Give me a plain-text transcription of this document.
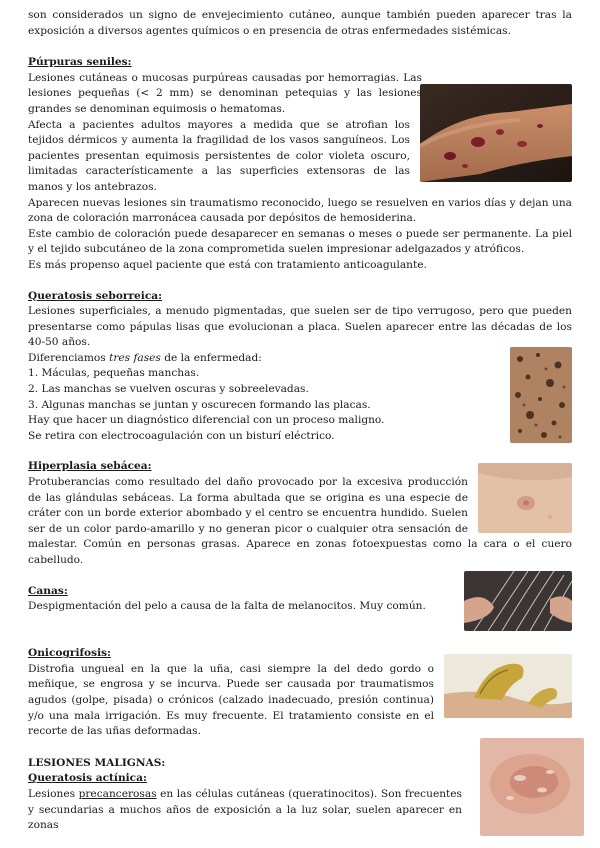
son considerados un signo de envejecimiento cutáneo, aunque también pueden aparecer tras la exposición a diversos agentes químicos o en presencia de otras enfermedades sistémicas.

Púrpuras seniles:

Lesiones cutáneas o mucosas purpúreas causadas por hemorragias. Las lesiones pequeñas (< 2 mm) se denominan petequias y las lesiones grandes se denominan equimosis o hematomas.

Afecta a pacientes adultos mayores a medida que se atrofian los tejidos dérmicos y aumenta la fragilidad de los vasos sanguíneos. Los pacientes presentan equimosis persistentes de color violeta oscuro, limitadas característicamente a las superficies extensoras de las manos y los antebrazos.

Aparecen nuevas lesiones sin traumatismo reconocido, luego se resuelven en varios días y dejan una zona de coloración marronácea causada por depósitos de hemosiderina.

Este cambio de coloración puede desaparecer en semanas o meses o puede ser permanente. La piel y el tejido subcutáneo de la zona comprometida suelen impresionar adelgazados y atróficos.

Es más propenso aquel paciente que está con tratamiento anticoagulante.

Queratosis seborreica:

Lesiones superficiales, a menudo pigmentadas, que suelen ser de tipo verrugoso, pero que pueden presentarse como pápulas lisas que evolucionan a placa. Suelen aparecer entre las décadas de los 40-50 años.

Diferenciamos tres fases de la enfermedad:

1. Máculas, pequeñas manchas.

2. Las manchas se vuelven oscuras y sobreelevadas.

3. Algunas manchas se juntan y oscurecen formando las placas.

Hay que hacer un diagnóstico diferencial con un proceso maligno.

Se retira con electrocoagulación con un bisturí eléctrico.

Hiperplasia sebácea:

Protuberancias como resultado del daño provocado por la excesiva producción de las glándulas sebáceas. La forma abultada que se origina es una especie de cráter con un borde exterior abombado y el centro se encuentra hundido. Suelen ser de un color pardo-amarillo y no generan picor o cualquier otra sensación de malestar. Común en personas grasas. Aparece en zonas fotoexpuestas como la cara o el cuero cabelludo.

Canas:

Despigmentación del pelo a causa de la falta de melanocitos. Muy común.

Onicogrifosis:

Distrofia ungueal en la que la uña, casi siempre la del dedo gordo o meñique, se engrosa y se incurva. Puede ser causada por traumatismos agudos (golpe, pisada) o crónicos (calzado inadecuado, presión continua) y/o una mala irrigación. Es muy frecuente. El tratamiento consiste en el recorte de las uñas deformadas.

LESIONES MALIGNAS:

Queratosis actínica:

Lesiones precancerosas en las células cutáneas (queratinocitos). Son frecuentes y secundarias a muchos años de exposición a la luz solar, suelen aparecer en zonas
